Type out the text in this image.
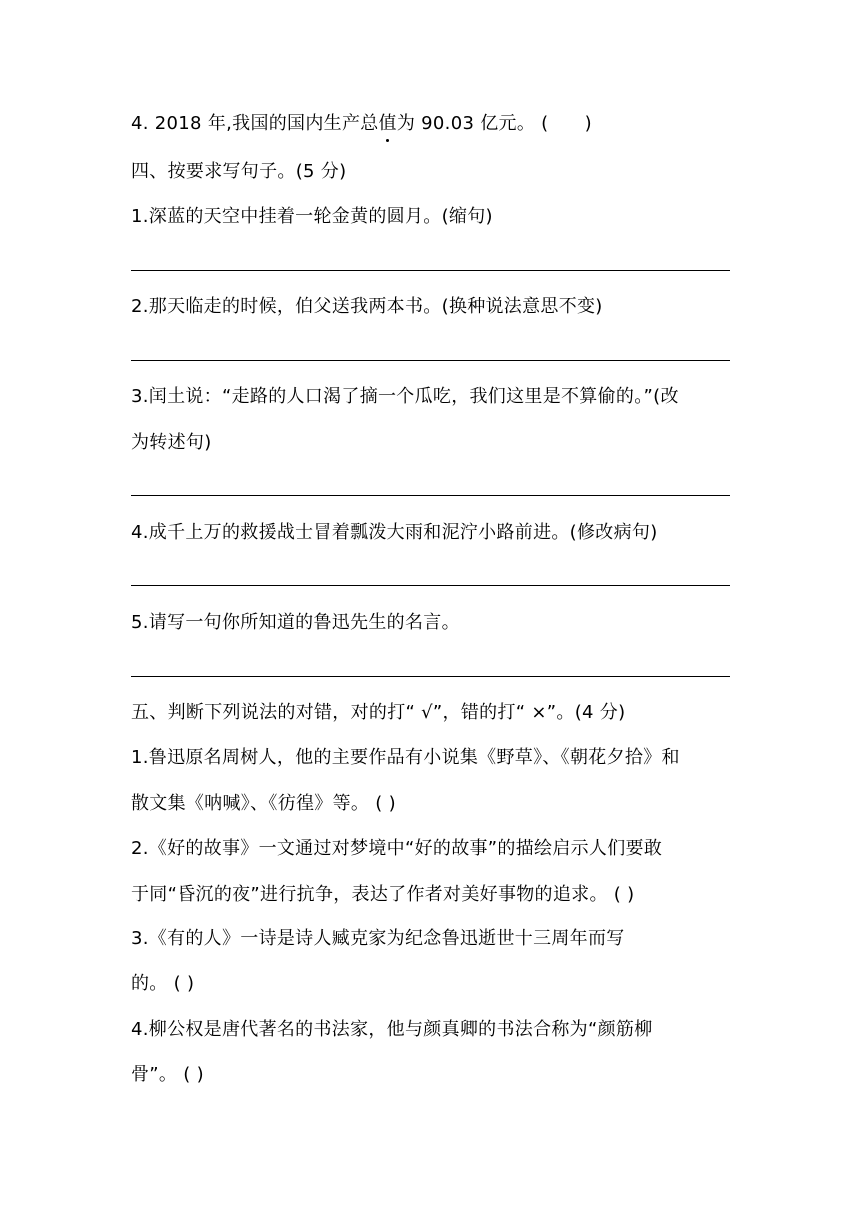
4. 2018 年,我国的国内生产总值为 90.03 亿元。 (      )
四、按要求写句子。(5 分)
1.深蓝的天空中挂着一轮金黄的圆月。(缩句)
2.那天临走的时候，伯父送我两本书。(换种说法意思不变)
3.闰土说：“走路的人口渴了摘一个瓜吃，我们这里是不算偷的。”(改
为转述句)
4.成千上万的救援战士冒着瓢泼大雨和泥泞小路前进。(修改病句)
5.请写一句你所知道的鲁迅先生的名言。
五、判断下列说法的对错，对的打“ √”，错的打“ ×”。(4 分)
1.鲁迅原名周树人，他的主要作品有小说集《野草》、《朝花夕拾》和
散文集《呐喊》、《彷徨》等。 ( )
2.《好的故事》一文通过对梦境中“好的故事”的描绘启示人们要敢
于同“昏沉的夜”进行抗争，表达了作者对美好事物的追求。 ( )
3.《有的人》一诗是诗人臧克家为纪念鲁迅逝世十三周年而写
的。 ( )
4.柳公权是唐代著名的书法家，他与颜真卿的书法合称为“颜筋柳
骨”。 ( )
